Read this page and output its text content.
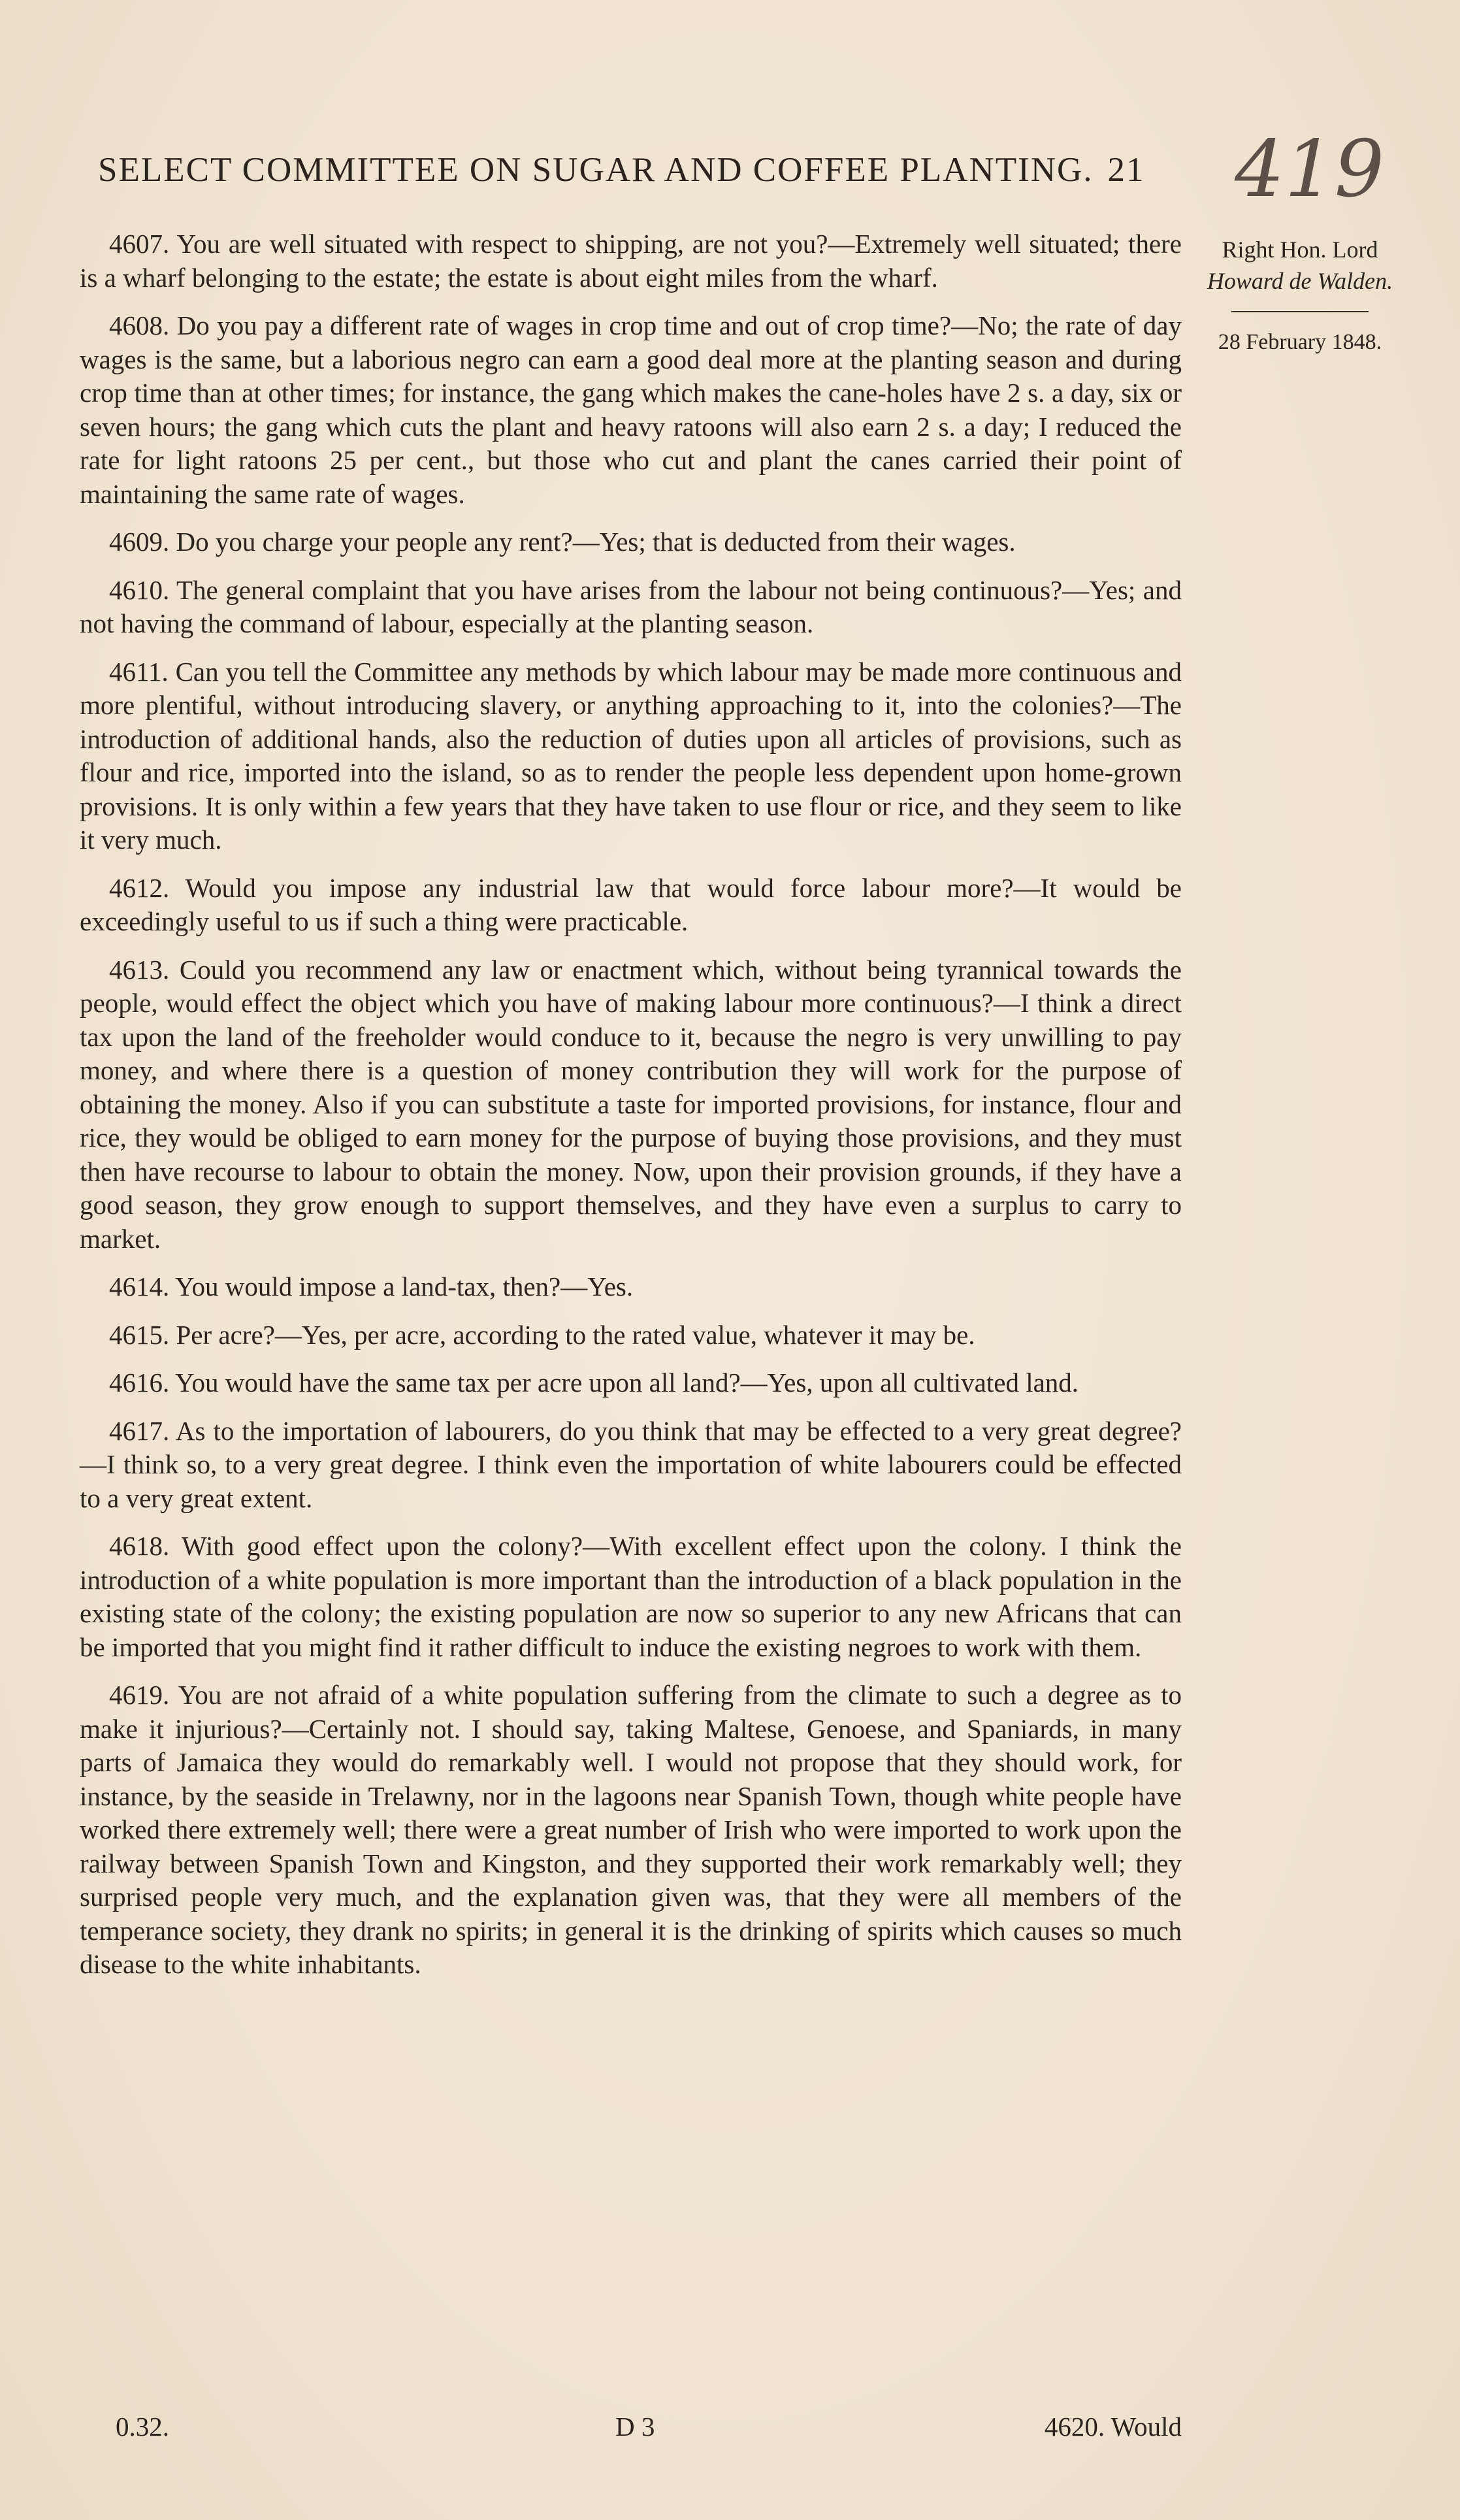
SELECT COMMITTEE ON SUGAR AND COFFEE PLANTING. 21	419
Right Hon. Lord
Howard de Walden.
28 February 1848.

4607. You are well situated with respect to shipping, are not you?—Extremely well situated; there is a wharf belonging to the estate; the estate is about eight miles from the wharf.

4608. Do you pay a different rate of wages in crop time and out of crop time?—No; the rate of day wages is the same, but a laborious negro can earn a good deal more at the planting season and during crop time than at other times; for instance, the gang which makes the cane-holes have 2 s. a day, six or seven hours; the gang which cuts the plant and heavy ratoons will also earn 2 s. a day; I reduced the rate for light ratoons 25 per cent., but those who cut and plant the canes carried their point of maintaining the same rate of wages.

4609. Do you charge your people any rent?—Yes; that is deducted from their wages.

4610. The general complaint that you have arises from the labour not being continuous?—Yes; and not having the command of labour, especially at the planting season.

4611. Can you tell the Committee any methods by which labour may be made more continuous and more plentiful, without introducing slavery, or anything approaching to it, into the colonies?—The introduction of additional hands, also the reduction of duties upon all articles of provisions, such as flour and rice, imported into the island, so as to render the people less dependent upon home-grown provisions. It is only within a few years that they have taken to use flour or rice, and they seem to like it very much.

4612. Would you impose any industrial law that would force labour more?—It would be exceedingly useful to us if such a thing were practicable.

4613. Could you recommend any law or enactment which, without being tyrannical towards the people, would effect the object which you have of making labour more continuous?—I think a direct tax upon the land of the freeholder would conduce to it, because the negro is very unwilling to pay money, and where there is a question of money contribution they will work for the purpose of obtaining the money. Also if you can substitute a taste for imported provisions, for instance, flour and rice, they would be obliged to earn money for the purpose of buying those provisions, and they must then have recourse to labour to obtain the money. Now, upon their provision grounds, if they have a good season, they grow enough to support themselves, and they have even a surplus to carry to market.

4614. You would impose a land-tax, then?—Yes.

4615. Per acre?—Yes, per acre, according to the rated value, whatever it may be.

4616. You would have the same tax per acre upon all land?—Yes, upon all cultivated land.

4617. As to the importation of labourers, do you think that may be effected to a very great degree?—I think so, to a very great degree. I think even the importation of white labourers could be effected to a very great extent.

4618. With good effect upon the colony?—With excellent effect upon the colony. I think the introduction of a white population is more important than the introduction of a black population in the existing state of the colony; the existing population are now so superior to any new Africans that can be imported that you might find it rather difficult to induce the existing negroes to work with them.

4619. You are not afraid of a white population suffering from the climate to such a degree as to make it injurious?—Certainly not. I should say, taking Maltese, Genoese, and Spaniards, in many parts of Jamaica they would do remarkably well. I would not propose that they should work, for instance, by the seaside in Trelawny, nor in the lagoons near Spanish Town, though white people have worked there extremely well; there were a great number of Irish who were imported to work upon the railway between Spanish Town and Kingston, and they supported their work remarkably well; they surprised people very much, and the explanation given was, that they were all members of the temperance society, they drank no spirits; in general it is the drinking of spirits which causes so much disease to the white inhabitants.

0.32.	D 3	4620. Would
